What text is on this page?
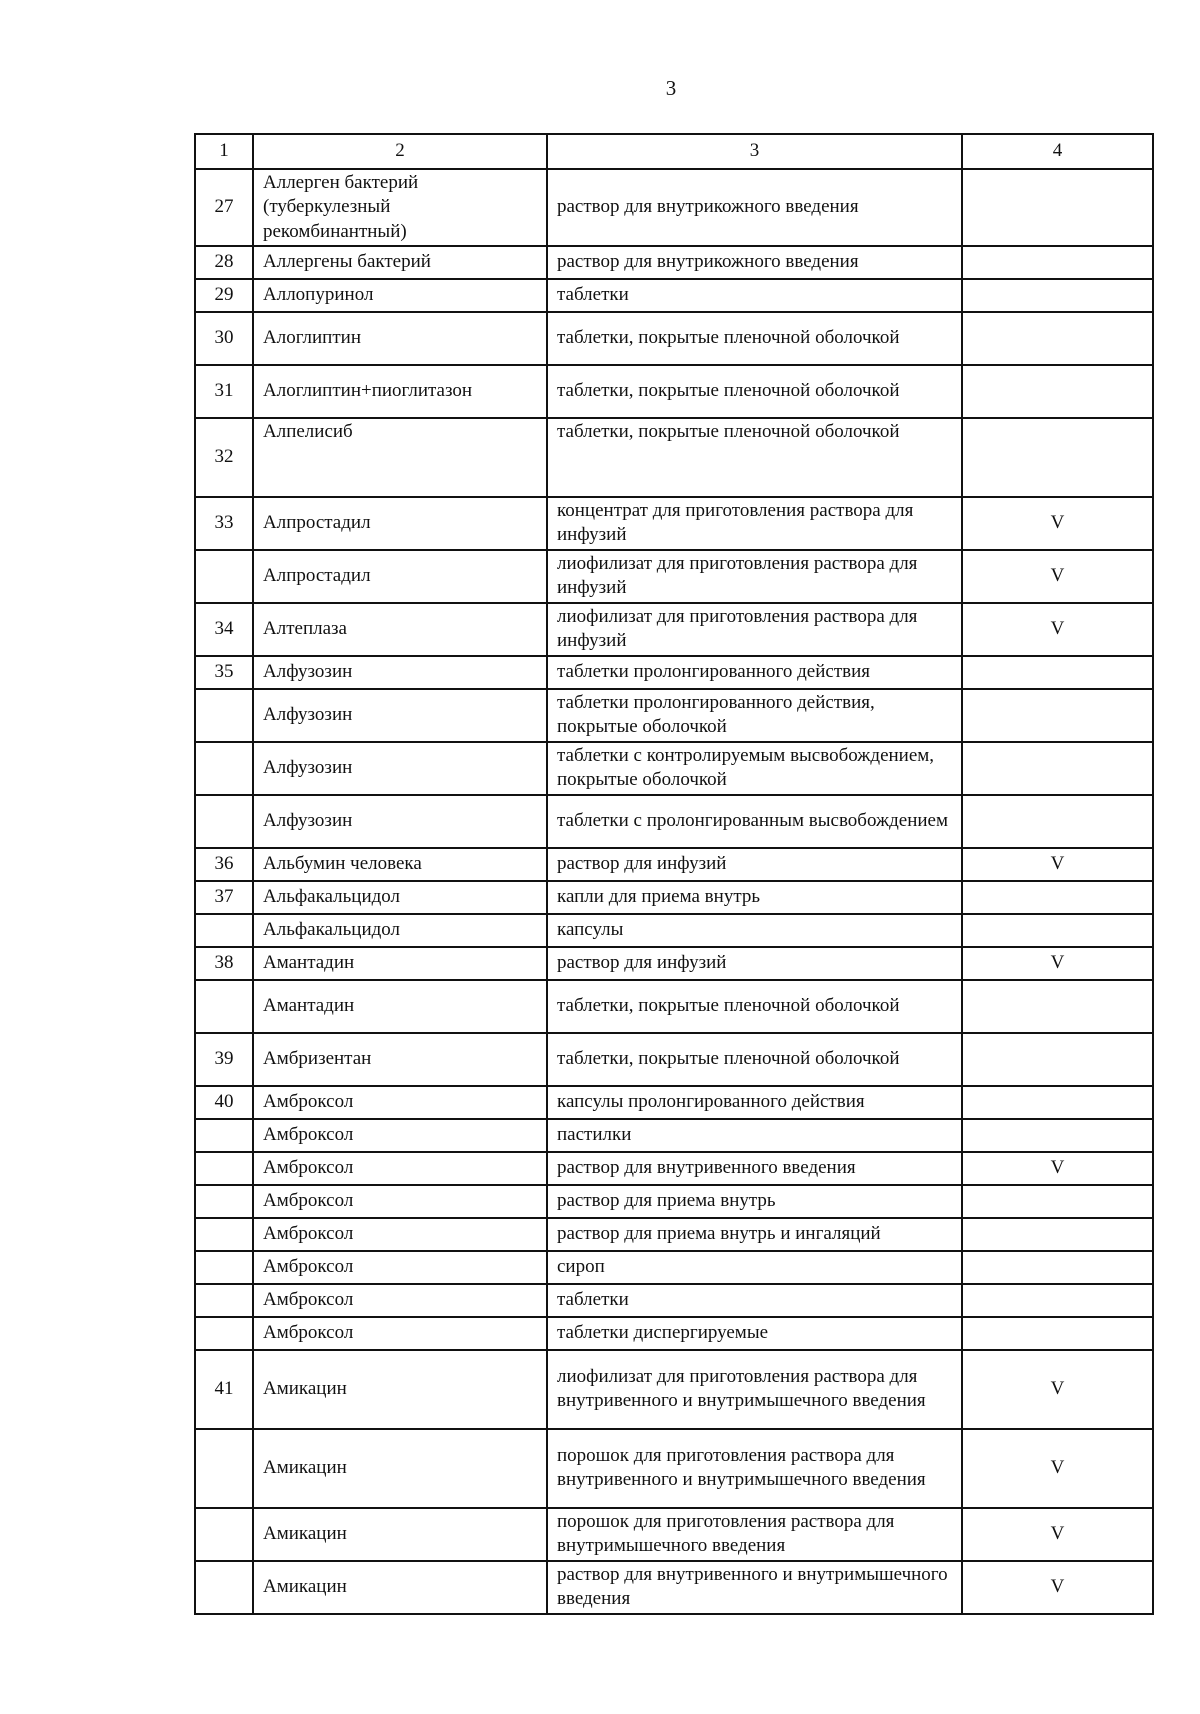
3
1	2	3	4
27	Аллерген бактерий (туберкулезный рекомбинантный)	раствор для внутрикожного введения	
28	Аллергены бактерий	раствор для внутрикожного введения	
29	Аллопуринол	таблетки	
30	Алоглиптин	таблетки, покрытые пленочной оболочкой	
31	Алоглиптин+пиоглитазон	таблетки, покрытые пленочной оболочкой	
32	Алпелисиб	таблетки, покрытые пленочной оболочкой	
33	Алпростадил	концентрат для приготовления раствора для инфузий	V
	Алпростадил	лиофилизат для приготовления раствора для инфузий	V
34	Алтеплаза	лиофилизат для приготовления раствора для инфузий	V
35	Алфузозин	таблетки пролонгированного действия	
	Алфузозин	таблетки пролонгированного действия, покрытые оболочкой	
	Алфузозин	таблетки с контролируемым высвобождением, покрытые оболочкой	
	Алфузозин	таблетки с пролонгированным высвобождением	
36	Альбумин человека	раствор для инфузий	V
37	Альфакальцидол	капли для приема внутрь	
	Альфакальцидол	капсулы	
38	Амантадин	раствор для инфузий	V
	Амантадин	таблетки, покрытые пленочной оболочкой	
39	Амбризентан	таблетки, покрытые пленочной оболочкой	
40	Амброксол	капсулы пролонгированного действия	
	Амброксол	пастилки	
	Амброксол	раствор для внутривенного введения	V
	Амброксол	раствор для приема внутрь	
	Амброксол	раствор для приема внутрь и ингаляций	
	Амброксол	сироп	
	Амброксол	таблетки	
	Амброксол	таблетки диспергируемые	
41	Амикацин	лиофилизат для приготовления раствора для внутривенного и внутримышечного введения	V
	Амикацин	порошок для приготовления раствора для внутривенного и внутримышечного введения	V
	Амикацин	порошок для приготовления раствора для внутримышечного введения	V
	Амикацин	раствор для внутривенного и внутримышечного введения	V
